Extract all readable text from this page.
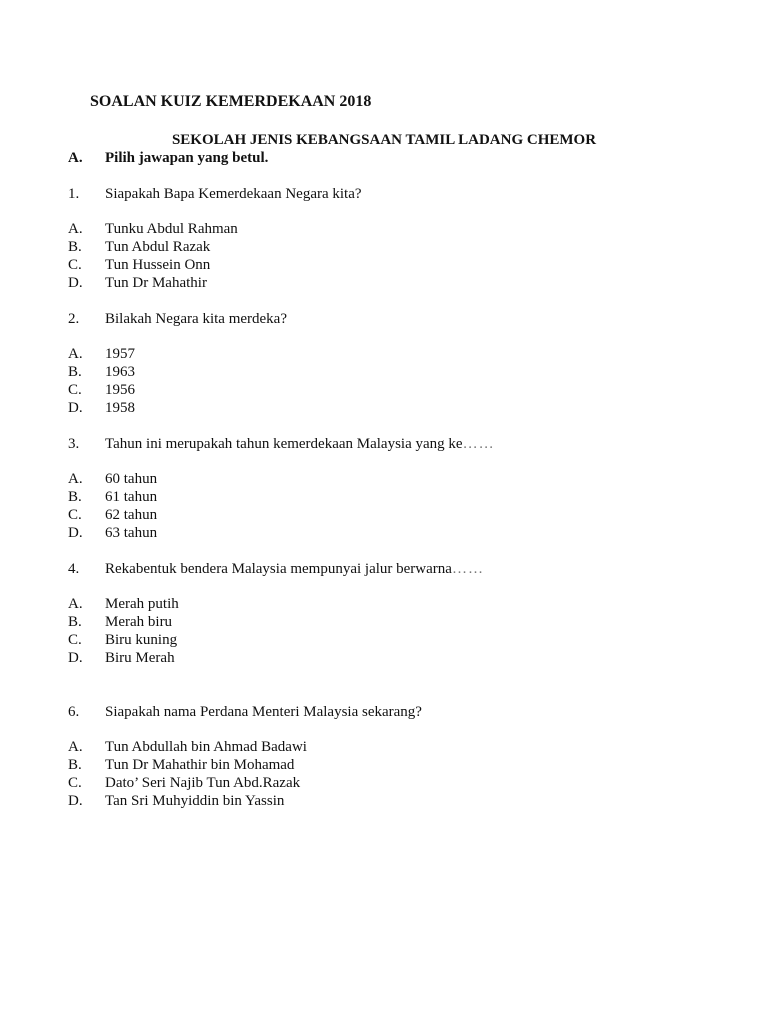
SOALAN KUIZ KEMERDEKAAN 2018
SEKOLAH JENIS KEBANGSAAN TAMIL LADANG CHEMOR
A.	Pilih jawapan yang betul.
1.	Siapakah Bapa Kemerdekaan Negara kita?
A.	Tunku Abdul Rahman
B.	Tun Abdul Razak
C.	Tun Hussein Onn
D.	Tun Dr Mahathir
2.	Bilakah Negara kita merdeka?
A.	1957
B.	1963
C.	1956
D.	1958
3.	Tahun ini merupakah tahun kemerdekaan Malaysia yang ke……
A.	60 tahun
B.	61 tahun
C.	62 tahun
D.	63 tahun
4.	Rekabentuk bendera Malaysia mempunyai jalur berwarna……
A.	Merah putih
B.	Merah biru
C.	Biru kuning
D.	Biru Merah
6.	Siapakah nama Perdana Menteri Malaysia sekarang?
A.	Tun Abdullah bin Ahmad Badawi
B.	Tun Dr Mahathir bin Mohamad
C.	Dato’ Seri Najib Tun Abd.Razak
D.	Tan Sri Muhyiddin bin Yassin
